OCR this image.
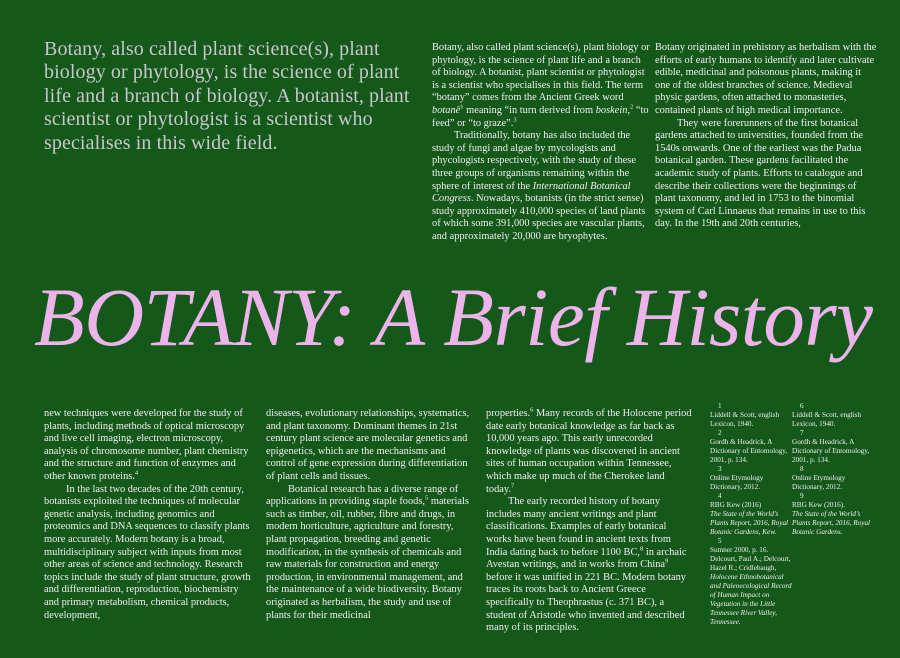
Botany, also called plant science(s), plant biology or phytology, is the science of plant life and a branch of biology. A botanist, plant scientist or phytologist is a scientist who specialises in this wide field.

Botany, also called plant science(s), plant biology or phytology, is the science of plant life and a branch of biology. A botanist, plant scientist or phytologist is a scientist who specialises in this field. The term “botany” comes from the Ancient Greek word botanē$^1$ meaning “in turn derived from boskein,$^2$ “to feed” or “to graze”.$^3$

Traditionally, botany has also included the study of fungi and algae by mycologists and phycologists respectively, with the study of these three groups of organisms remaining within the sphere of interest of the International Botanical Congress. Nowadays, botanists (in the strict sense) study approximately 410,000 species of land plants of which some 391,000 species are vascular plants, and approximately 20,000 are bryophytes.

Botany originated in prehistory as herbalism with the efforts of early humans to identify and later cultivate edible, medicinal and poisonous plants, making it one of the oldest branches of science. Medieval physic gardens, often attached to monasteries, contained plants of high medical importance.

They were forerunners of the first botanical gardens attached to universities, founded from the 1540s onwards. One of the earliest was the Padua botanical garden. These gardens facilitated the academic study of plants. Efforts to catalogue and describe their collections were the beginnings of plant taxonomy, and led in 1753 to the binomial system of Carl Linnaeus that remains in use to this day. In the 19th and 20th centuries,

BOTANY: A Brief History

new techniques were developed for the study of plants, including methods of optical microscopy and live cell imaging, electron microscopy, analysis of chromosome number, plant chemistry and the structure and function of enzymes and other known proteins.$^4$

In the last two decades of the 20th century, botanists exploited the techniques of molecular genetic analysis, including genomics and proteomics and DNA sequences to classify plants more accurately. Modern botany is a broad, multidisciplinary subject with inputs from most other areas of science and technology. Research topics include the study of plant structure, growth and differentiation, reproduction, biochemistry and primary metabolism, chemical products, development,

diseases, evolutionary relationships, systematics, and plant taxonomy. Dominant themes in 21st century plant science are molecular genetics and epigenetics, which are the mechanisms and control of gene expression during differentiation of plant cells and tissues.

Botanical research has a diverse range of applications in providing staple foods,$^5$ materials such as timber, oil, rubber, fibre and drugs, in modern horticulture, agriculture and forestry, plant propagation, breeding and genetic modification, in the synthesis of chemicals and raw materials for construction and energy production, in environmental management, and the maintenance of a wide biodiversity. Botany originated as herbalism, the study and use of plants for their medicinal

properties.$^6$ Many records of the Holocene period date early botanical knowledge as far back as 10,000 years ago. This early unrecorded knowledge of plants was discovered in ancient sites of human occupation within Tennessee, which make up much of the Cherokee land today.$^7$

The early recorded history of botany includes many ancient writings and plant classifications. Examples of early botanical works have been found in ancient texts from India dating back to before 1100 BC,$^8$ in archaic Avestan writings, and in works from China$^9$ before it was unified in 221 BC. Modern botany traces its roots back to Ancient Greece specifically to Theophrastus (c. 371 BC), a student of Aristotle who invented and described many of its principles.

1
Liddell & Scott, english Lexicon, 1940.
2
Gordh & Headrick, A Dictionary of Entomology, 2001, p. 134.
3
Online Etymology Dictionary, 2012.
4
RBG Kew (2016)
The State of the World’s Plants Report, 2016, Royal Botanic Gardens, Kew.
5
Sumner 2000, p. 16. Delcourt, Paul A.; Delcourt, Hazel R.; Cridlebaugh,
Holocene Ethnobotanical and Paleoecological Record of Human Impact on Vegetation in the Little Tennessee River Valley, Tennessee.
6
Liddell & Scott, english Lexicon, 1940.
7
Gordh & Headrick, A Dictionary of Entomology, 2001, p. 134.
8
Online Etymology Dictionary, 2012.
9
RBG Kew (2016).
The State of the World’s Plants Report, 2016, Royal Botanic Gardens.
